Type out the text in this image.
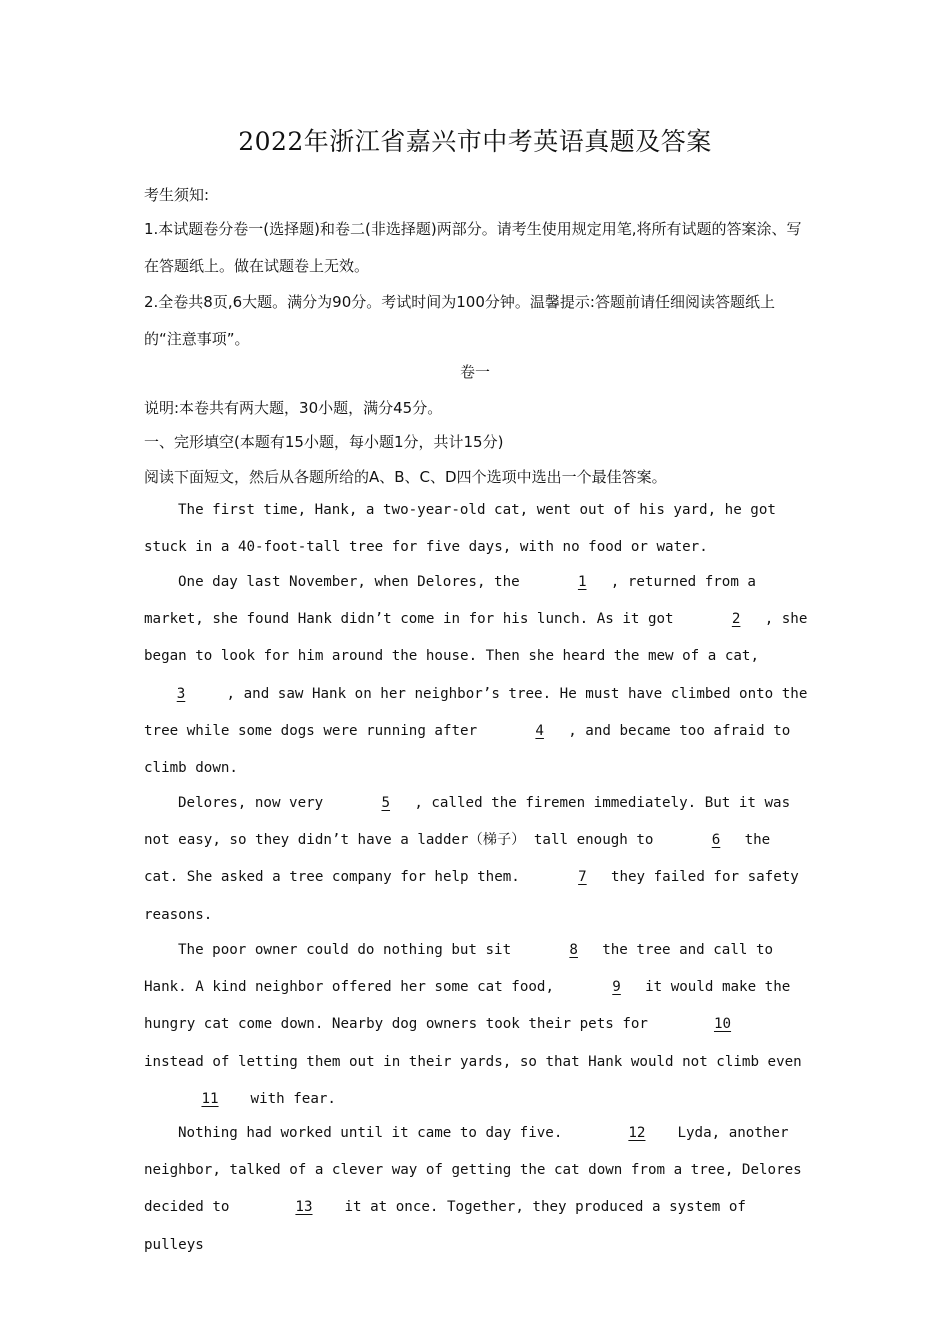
2022年浙江省嘉兴市中考英语真题及答案
考生须知:
1.本试题卷分卷一(选择题)和卷二(非选择题)两部分。请考生使用规定用笔,将所有试题的答案涂、写在答题纸上。做在试题卷上无效。
2.全卷共8页,6大题。满分为90分。考试时间为100分钟。温馨提示:答题前请任细阅读答题纸上的“注意事项”。
卷一
说明:本卷共有两大题，30小题，满分45分。
一、完形填空(本题有15小题，每小题1分，共计15分)
阅读下面短文，然后从各题所给的A、B、C、D四个选项中选出一个最佳答案。
The first time, Hank, a two-year-old cat, went out of his yard, he got stuck in a 40-foot-tall tree for five days, with no food or water.
One day last November, when Delores, the	1 , returned from a market, she found Hank didn’t come in for his lunch. As it got	2 , she began to look for him around the house. Then she heard the mew of a cat, 3	, and saw Hank on her neighbor’s tree. He must have climbed onto the tree while some dogs were running after	4 , and became too afraid to climb down.
Delores, now very	5 , called the firemen immediately. But it was not easy, so they didn’t have a ladder（梯子） tall enough to	6 the cat. She asked a tree company for help them.	7 they failed for safety reasons.
The poor owner could do nothing but sit	8 the tree and call to Hank. A kind neighbor offered her some cat food,	9 it would make the hungry cat come down. Nearby dog owners took their pets for	10 instead of letting them out in their yards, so that Hank would not climb even 11 with fear.
Nothing had worked until it came to day five.	12 Lyda, another neighbor, talked of a clever way of getting the cat down from a tree, Delores decided to	13 it at once. Together, they produced a system of pulleys
